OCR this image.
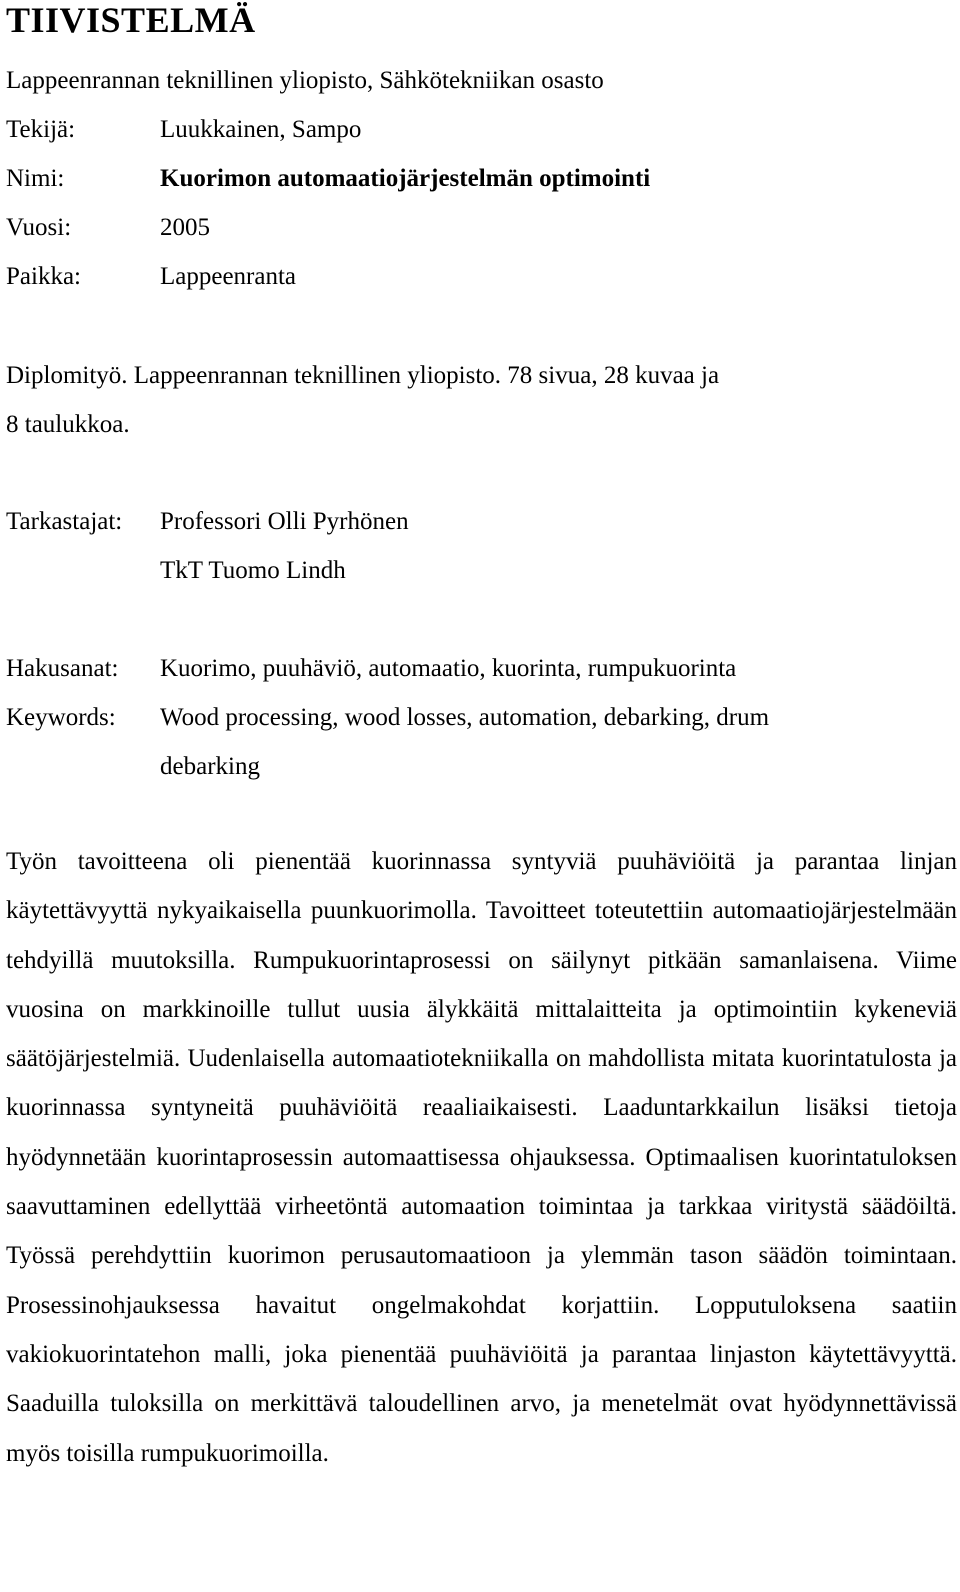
TIIVISTELMÄ
Lappeenrannan teknillinen yliopisto, Sähkötekniikan osasto
Tekijä:	Luukkainen, Sampo
Nimi:	Kuorimon automaatiojärjestelmän optimointi
Vuosi:	2005
Paikka:	Lappeenranta
Diplomityö. Lappeenrannan teknillinen yliopisto. 78 sivua, 28 kuvaa ja
8 taulukkoa.
Tarkastajat: Professori Olli Pyrhönen
TkT Tuomo Lindh
Hakusanat: Kuorimo, puuhäviö, automaatio, kuorinta, rumpukuorinta
Keywords: Wood processing, wood losses, automation, debarking, drum
debarking

Työn tavoitteena oli pienentää kuorinnassa syntyviä puuhäviöitä ja parantaa linjan käytettävyyttä nykyaikaisella puunkuorimolla. Tavoitteet toteutettiin automaatiojärjestelmään tehdyillä muutoksilla. Rumpukuorintaprosessi on säilynyt pitkään samanlaisena. Viime vuosina on markkinoille tullut uusia älykkäitä mittalaitteita ja optimointiin kykeneviä säätöjärjestelmiä. Uudenlaisella automaatiotekniikalla on mahdollista mitata kuorintatulosta ja kuorinnassa syntyneitä puuhäviöitä reaaliaikaisesti. Laaduntarkkailun lisäksi tietoja hyödynnetään kuorintaprosessin automaattisessa ohjauksessa. Optimaalisen kuorintatuloksen saavuttaminen edellyttää virheetöntä automaation toimintaa ja tarkkaa viritystä säädöiltä. Työssä perehdyttiin kuorimon perusautomaatioon ja ylemmän tason säädön toimintaan. Prosessinohjauksessa havaitut ongelmakohdat korjattiin. Lopputuloksena saatiin vakiokuorintatehon malli, joka pienentää puuhäviöitä ja parantaa linjaston käytettävyyttä. Saaduilla tuloksilla on merkittävä taloudellinen arvo, ja menetelmät ovat hyödynnettävissä myös toisilla rumpukuorimoilla.
